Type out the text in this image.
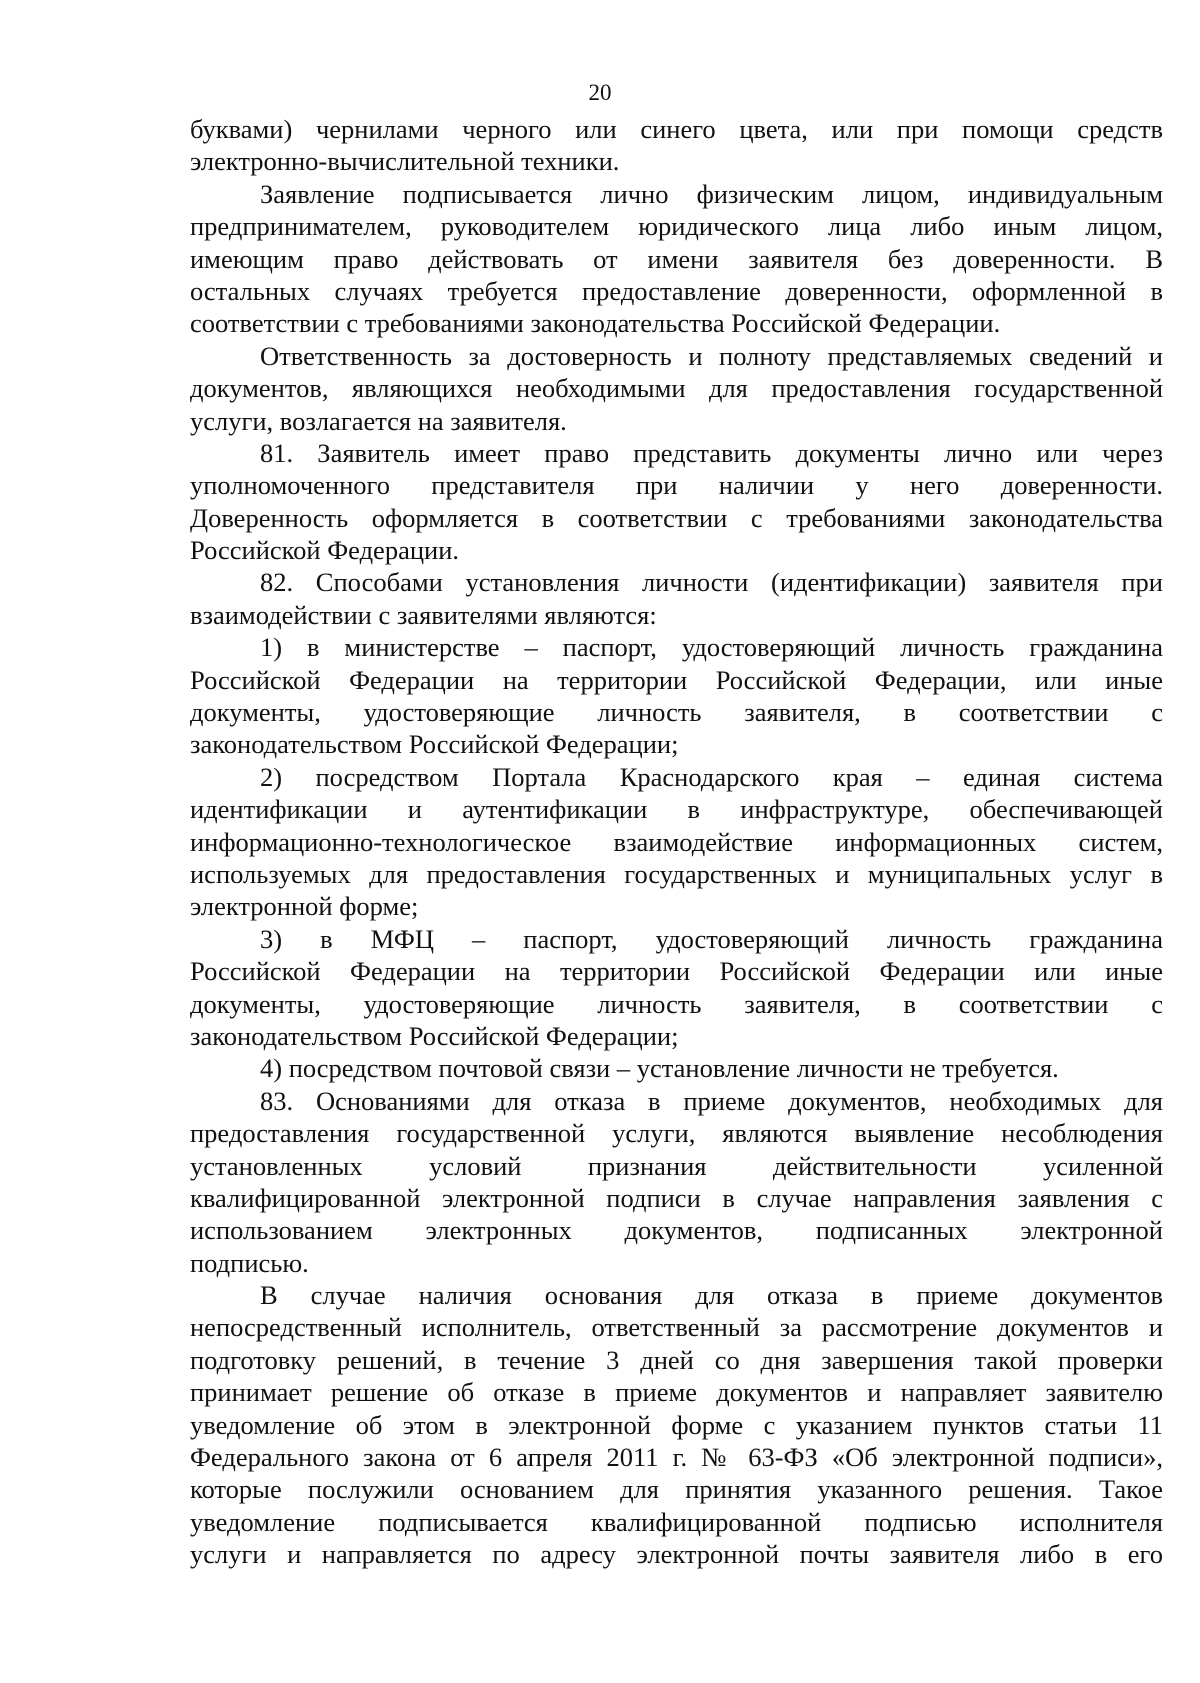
20
буквами) чернилами черного или синего цвета, или при помощи средств
электронно-вычислительной техники.
Заявление подписывается лично физическим лицом, индивидуальным
предпринимателем, руководителем юридического лица либо иным лицом,
имеющим право действовать от имени заявителя без доверенности. В
остальных случаях требуется предоставление доверенности, оформленной в
соответствии с требованиями законодательства Российской Федерации.
Ответственность за достоверность и полноту представляемых сведений и
документов, являющихся необходимыми для предоставления государственной
услуги, возлагается на заявителя.
81. Заявитель имеет право представить документы лично или через
уполномоченного представителя при наличии у него доверенности.
Доверенность оформляется в соответствии с требованиями законодательства
Российской Федерации.
82. Способами установления личности (идентификации) заявителя при
взаимодействии с заявителями являются:
1) в министерстве – паспорт, удостоверяющий личность гражданина
Российской Федерации на территории Российской Федерации, или иные
документы, удостоверяющие личность заявителя, в соответствии с
законодательством Российской Федерации;
2) посредством Портала Краснодарского края – единая система
идентификации и аутентификации в инфраструктуре, обеспечивающей
информационно-технологическое взаимодействие информационных систем,
используемых для предоставления государственных и муниципальных услуг в
электронной форме;
3) в МФЦ – паспорт, удостоверяющий личность гражданина
Российской Федерации на территории Российской Федерации или иные
документы, удостоверяющие личность заявителя, в соответствии с
законодательством Российской Федерации;
4) посредством почтовой связи – установление личности не требуется.
83. Основаниями для отказа в приеме документов, необходимых для
предоставления государственной услуги, являются выявление несоблюдения
установленных условий признания действительности усиленной
квалифицированной электронной подписи в случае направления заявления с
использованием электронных документов, подписанных электронной
подписью.
В случае наличия основания для отказа в приеме документов
непосредственный исполнитель, ответственный за рассмотрение документов и
подготовку решений, в течение 3 дней со дня завершения такой проверки
принимает решение об отказе в приеме документов и направляет заявителю
уведомление об этом в электронной форме с указанием пунктов статьи 11
Федерального закона от 6 апреля 2011 г. № 63-ФЗ «Об электронной подписи»,
которые послужили основанием для принятия указанного решения. Такое
уведомление подписывается квалифицированной подписью исполнителя
услуги и направляется по адресу электронной почты заявителя либо в его
